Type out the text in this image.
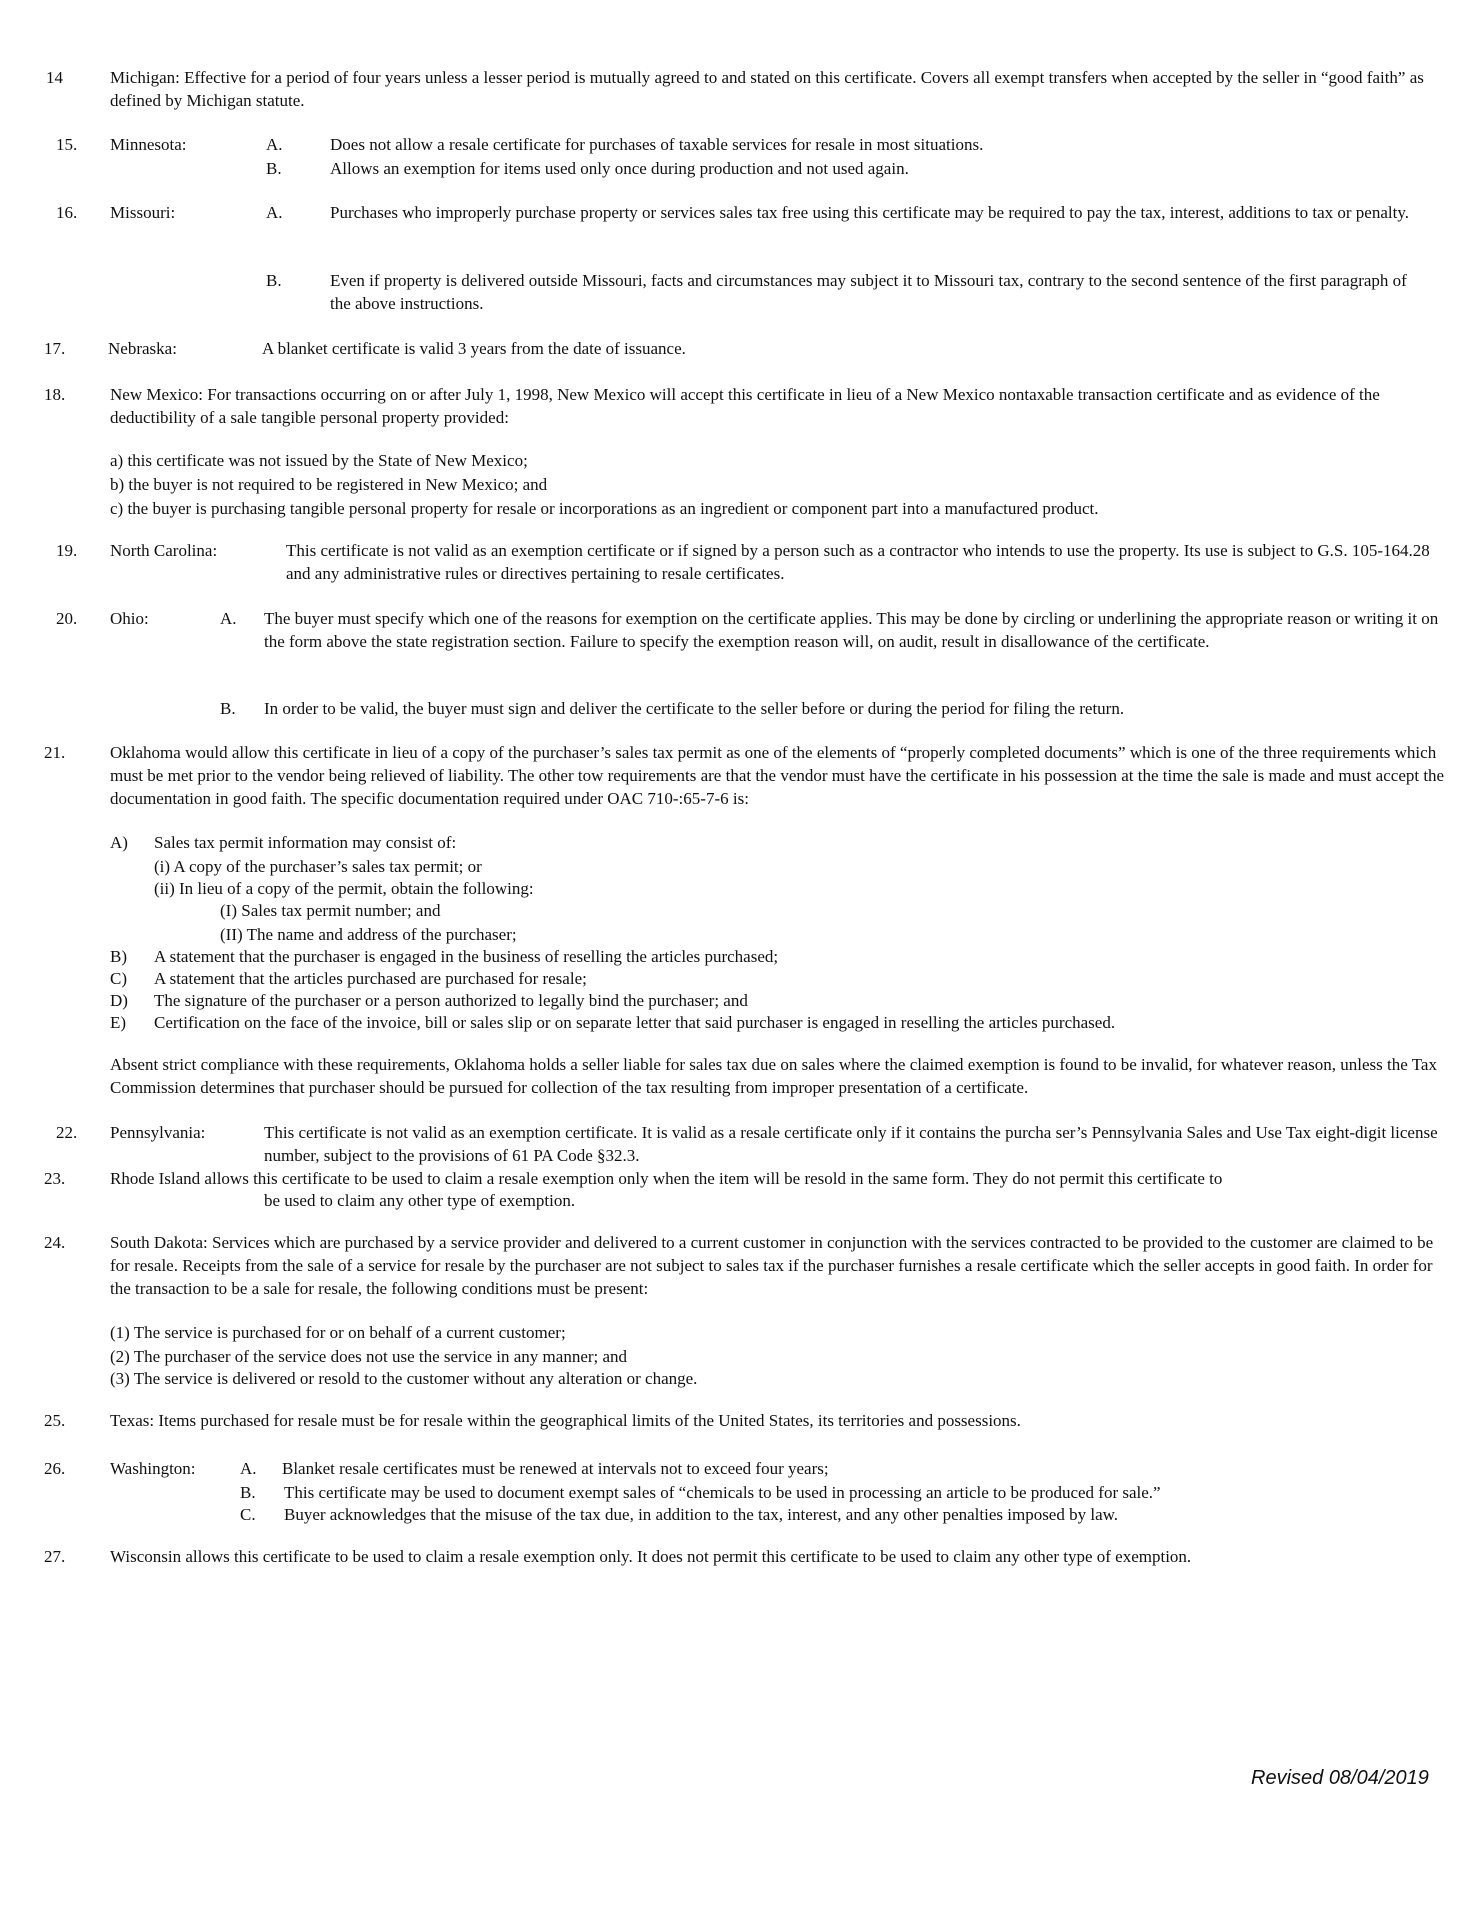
14	Michigan: Effective for a period of four years unless a lesser period is mutually agreed to and stated on this certificate. Covers all exempt transfers when accepted by the seller in “good faith” as defined by Michigan statute.
15. Minnesota:	A.	Does not allow a resale certificate for purchases of taxable services for resale in most situations.
B.	Allows an exemption for items used only once during production and not used again.
16. Missouri:	A.	Purchases who improperly purchase property or services sales tax free using this certificate may be required to pay the tax, interest, additions to tax or penalty.
B.	Even if property is delivered outside Missouri, facts and circumstances may subject it to Missouri tax, contrary to the second sentence of the first paragraph of the above instructions.
17.	Nebraska:	A blanket certificate is valid 3 years from the date of issuance.
18.	New Mexico: For transactions occurring on or after July 1, 1998, New Mexico will accept this certificate in lieu of a New Mexico nontaxable transaction certificate and as evidence of the deductibility of a sale tangible personal property provided:
a) this certificate was not issued by the State of New Mexico;
b) the buyer is not required to be registered in New Mexico; and
c) the buyer is purchasing tangible personal property for resale or incorporations as an ingredient or component part into a manufactured product.
19. North Carolina:	This certificate is not valid as an exemption certificate or if signed by a person such as a contractor who intends to use the property. Its use is subject to G.S. 105-164.28 and any administrative rules or directives pertaining to resale certificates.
20. Ohio:	A. The buyer must specify which one of the reasons for exemption on the certificate applies. This may be done by circling or underlining the appropriate reason or writing it on the form above the state registration section. Failure to specify the exemption reason will, on audit, result in disallowance of the certificate.
B. In order to be valid, the buyer must sign and deliver the certificate to the seller before or during the period for filing the return.
21.	Oklahoma would allow this certificate in lieu of a copy of the purchaser’s sales tax permit as one of the elements of “properly completed documents” which is one of the three requirements which must be met prior to the vendor being relieved of liability. The other tow requirements are that the vendor must have the certificate in his possession at the time the sale is made and must accept the documentation in good faith. The specific documentation required under OAC 710-:65-7-6 is:
A) Sales tax permit information may consist of:
(i) A copy of the purchaser’s sales tax permit; or
(ii) In lieu of a copy of the permit, obtain the following:
(I) Sales tax permit number; and
(II) The name and address of the purchaser;
B) A statement that the purchaser is engaged in the business of reselling the articles purchased;
C) A statement that the articles purchased are purchased for resale;
D) The signature of the purchaser or a person authorized to legally bind the purchaser; and
E) Certification on the face of the invoice, bill or sales slip or on separate letter that said purchaser is engaged in reselling the articles purchased.
Absent strict compliance with these requirements, Oklahoma holds a seller liable for sales tax due on sales where the claimed exemption is found to be invalid, for whatever reason, unless the Tax Commission determines that purchaser should be pursued for collection of the tax resulting from improper presentation of a certificate.
22. Pennsylvania:	This certificate is not valid as an exemption certificate. It is valid as a resale certificate only if it contains the purcha ser’s Pennsylvania Sales and Use Tax eight-digit license number, subject to the provisions of 61 PA Code §32.3.
23.	Rhode Island allows this certificate to be used to claim a resale exemption only when the item will be resold in the same form. They do not permit this certificate to
be used to claim any other type of exemption.
24.	South Dakota: Services which are purchased by a service provider and delivered to a current customer in conjunction with the services contracted to be provided to the customer are claimed to be for resale. Receipts from the sale of a service for resale by the purchaser are not subject to sales tax if the purchaser furnishes a resale certificate which the seller accepts in good faith. In order for the transaction to be a sale for resale, the following conditions must be present:
(1) The service is purchased for or on behalf of a current customer;
(2) The purchaser of the service does not use the service in any manner; and
(3) The service is delivered or resold to the customer without any alteration or change.
25.	Texas: Items purchased for resale must be for resale within the geographical limits of the United States, its territories and possessions.
26.	Washington:	A. Blanket resale certificates must be renewed at intervals not to exceed four years;
B. This certificate may be used to document exempt sales of “chemicals to be used in processing an article to be produced for sale.”
C. Buyer acknowledges that the misuse of the tax due, in addition to the tax, interest, and any other penalties imposed by law.
27.	Wisconsin allows this certificate to be used to claim a resale exemption only. It does not permit this certificate to be used to claim any other type of exemption.
Revised 08/04/2019
